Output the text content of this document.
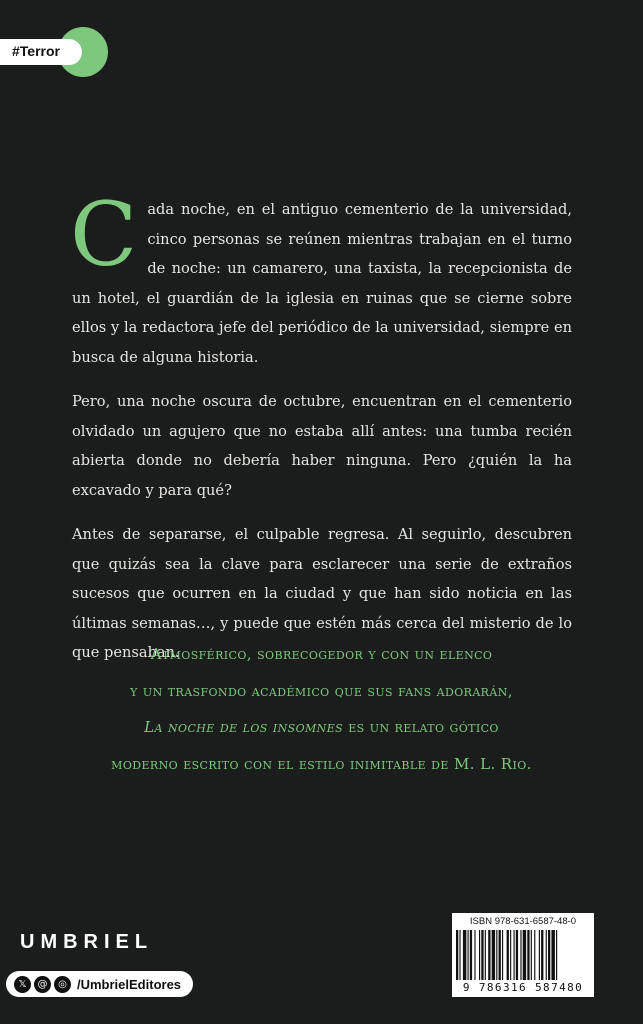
#Terror

Cada noche, en el antiguo cementerio de la universidad, cinco personas se reúnen mientras trabajan en el turno de noche: un camarero, una taxista, la recepcionista de un hotel, el guardián de la iglesia en ruinas que se cierne sobre ellos y la redactora jefe del periódico de la universidad, siempre en busca de alguna historia.

Pero, una noche oscura de octubre, encuentran en el cementerio olvidado un agujero que no estaba allí antes: una tumba recién abierta donde no debería haber ninguna. Pero ¿quién la ha excavado y para qué?

Antes de separarse, el culpable regresa. Al seguirlo, descubren que quizás sea la clave para esclarecer una serie de extraños sucesos que ocurren en la ciudad y que han sido noticia en las últimas semanas…, y puede que estén más cerca del misterio de lo que pensaban.

Atmosférico, sobrecogedor y con un elenco
y un trasfondo académico que sus fans adorarán,
La noche de los insomnes es un relato gótico
moderno escrito con el estilo inimitable de M. L. Rio.
UMBRIEL
𝕏	@	◎ /UmbrielEditores
ISBN 978-631-6587-48-0
9 786316 587480
